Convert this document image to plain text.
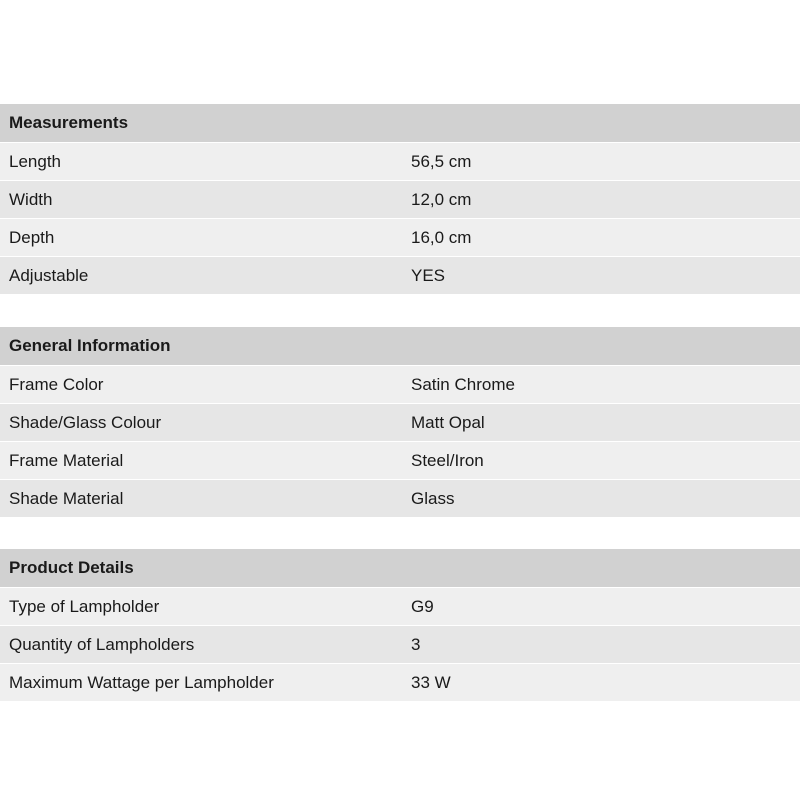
Measurements	
Length	56,5 cm
Width	12,0 cm
Depth	16,0 cm
Adjustable	YES
General Information	
Frame Color	Satin Chrome
Shade/Glass Colour	Matt Opal
Frame Material	Steel/Iron
Shade Material	Glass
Product Details	
Type of Lampholder	G9
Quantity of Lampholders	3
Maximum Wattage per Lampholder	33 W
